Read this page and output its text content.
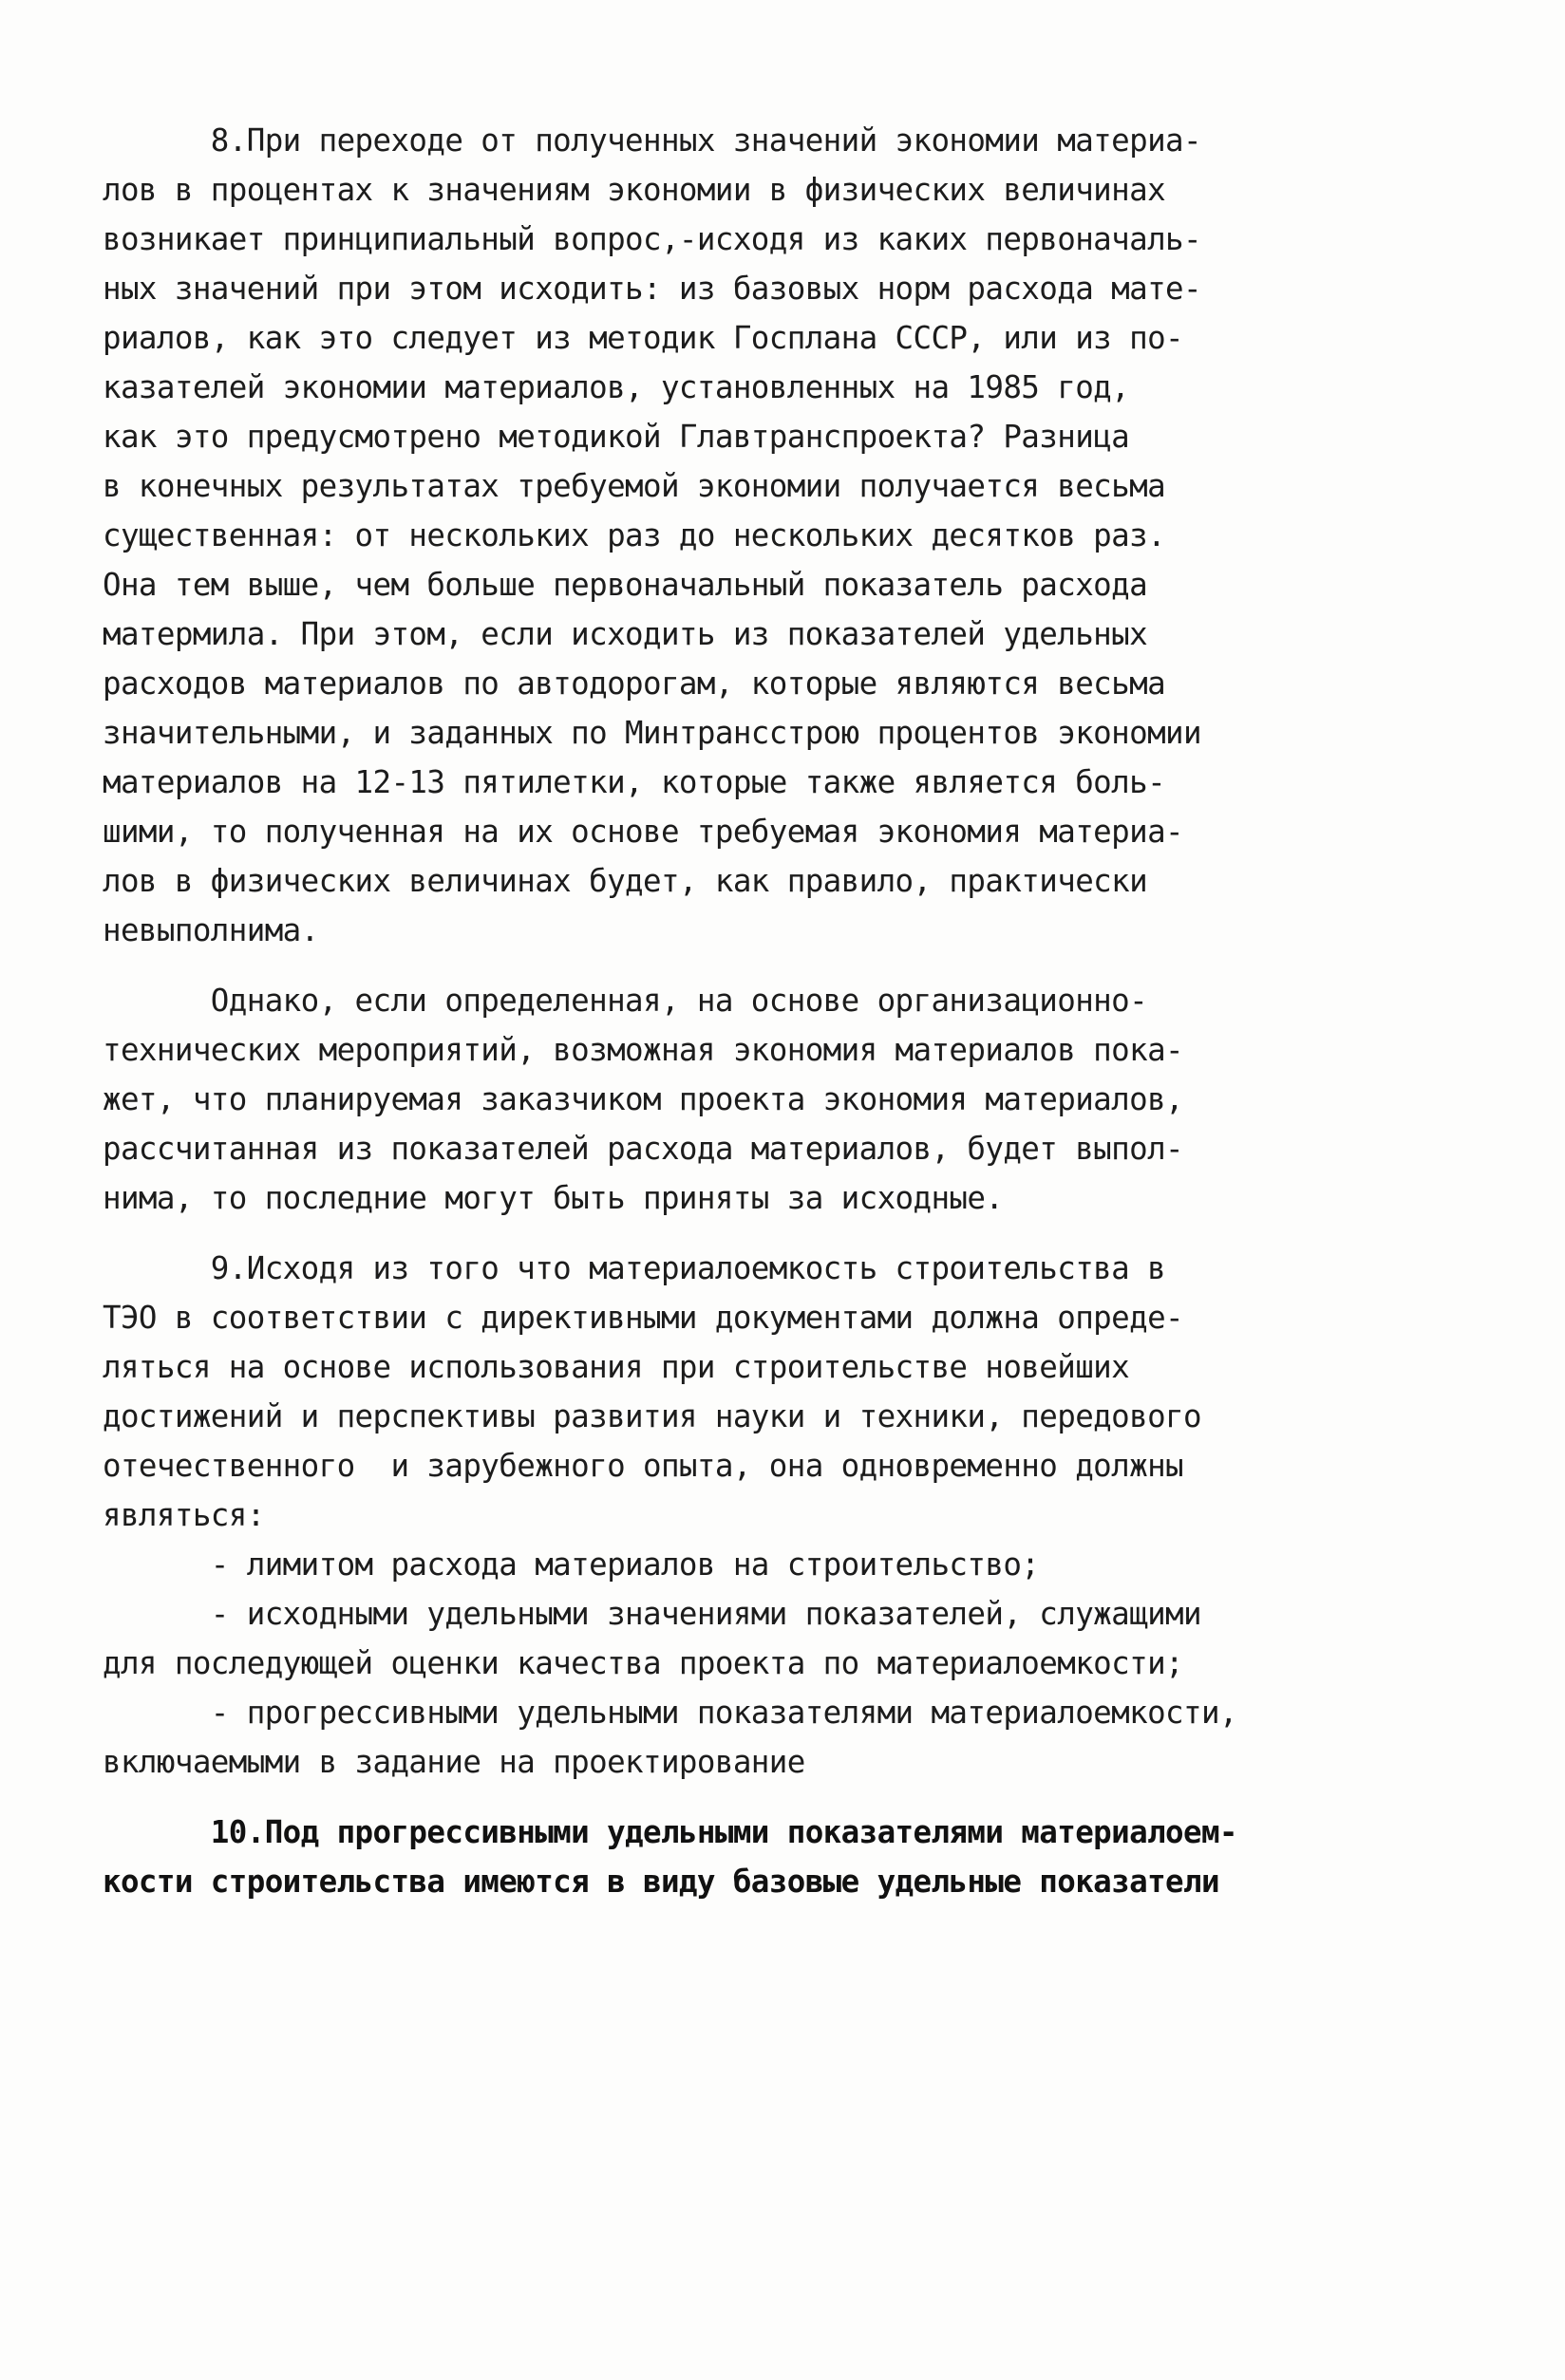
8.При переходе от полученных значений экономии материа-
лов в процентах к значениям экономии в физических величинах
возникает принципиальный вопрос,-исходя из каких первоначаль-
ных значений при этом исходить: из базовых норм расхода мате-
риалов, как это следует из методик Госплана СССР, или из по-
казателей экономии материалов, установленных на 1985 год,
как это предусмотрено методикой Главтранспроекта? Разница
в конечных результатах требуемой экономии получается весьма
существенная: от нескольких раз до нескольких десятков раз.
Она тем выше, чем больше первоначальный показатель расхода
матермила. При этом, если исходить из показателей удельных
расходов материалов по автодорогам, которые являются весьма
значительными, и заданных по Минтрансстрою процентов экономии
материалов на 12-13 пятилетки, которые также является боль-
шими, то полученная на их основе требуемая экономия материа-
лов в физических величинах будет, как правило, практически
невыполнима.
Однако, если определенная, на основе организационно-
технических мероприятий, возможная экономия материалов пока-
жет, что планируемая заказчиком проекта экономия материалов,
рассчитанная из показателей расхода материалов, будет выпол-
нима, то последние могут быть приняты за исходные.
9.Исходя из того что материалоемкость строительства в
ТЭО в соответствии с директивными документами должна опреде-
ляться на основе использования при строительстве новейших
достижений и перспективы развития науки и техники, передового
отечественного  и зарубежного опыта, она одновременно должны
являться:
- лимитом расхода материалов на строительство;
- исходными удельными значениями показателей, служащими
для последующей оценки качества проекта по материалоемкости;
- прогрессивными удельными показателями материалоемкости,
включаемыми в задание на проектирование
10.Под прогрессивными удельными показателями материалоем-
кости строительства имеются в виду базовые удельные показатели
